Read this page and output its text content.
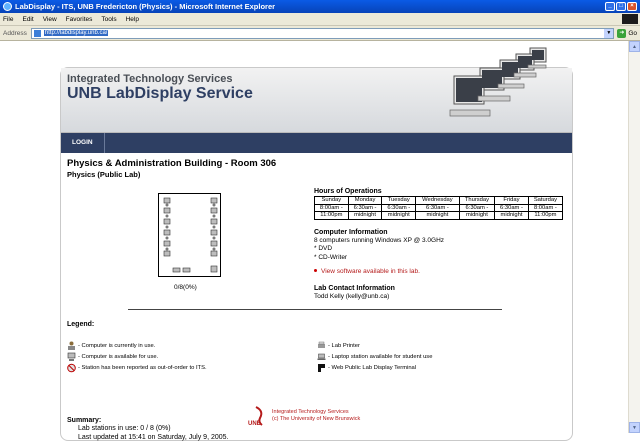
LabDisplay - ITS, UNB Fredericton (Physics) - Microsoft Internet Explorer	_	□	×
File Edit View Favorites Tools Help
Address	http://labdisplay.unb.ca/	▼	➜ Go
Integrated Technology Services
UNB LabDisplay Service
LOGIN
Physics & Administration Building - Room 306
Physics (Public Lab)
0/8(0%)
Hours of Operations
Sunday	Monday	Tuesday	Wednesday	Thursday	Friday	Saturday
8:00am -	6:30am -	6:30am -	6:30am -	6:30am -	6:30am -	8:00am -
11:00pm	midnight	midnight	midnight	midnight	midnight	11:00pm
Computer Information
8 computers running Windows XP @ 3.0GHz
* DVD
* CD-Writer
View software available in this lab.
Lab Contact Information
Todd Kelly (kelly@unb.ca)
Legend:
- Computer is currently in use.
- Computer is available for use.
- Station has been reported as out-of-order to ITS.
- Lab Printer
- Laptop station available for student use
- Web Public Lab Display Terminal
Summary:
Lab stations in use: 0 / 8 (0%)
Last updated at 15:41 on Saturday, July 9, 2005.
UNB
Integrated Technology Services
(c) The University of New Brunswick
▲
▼
